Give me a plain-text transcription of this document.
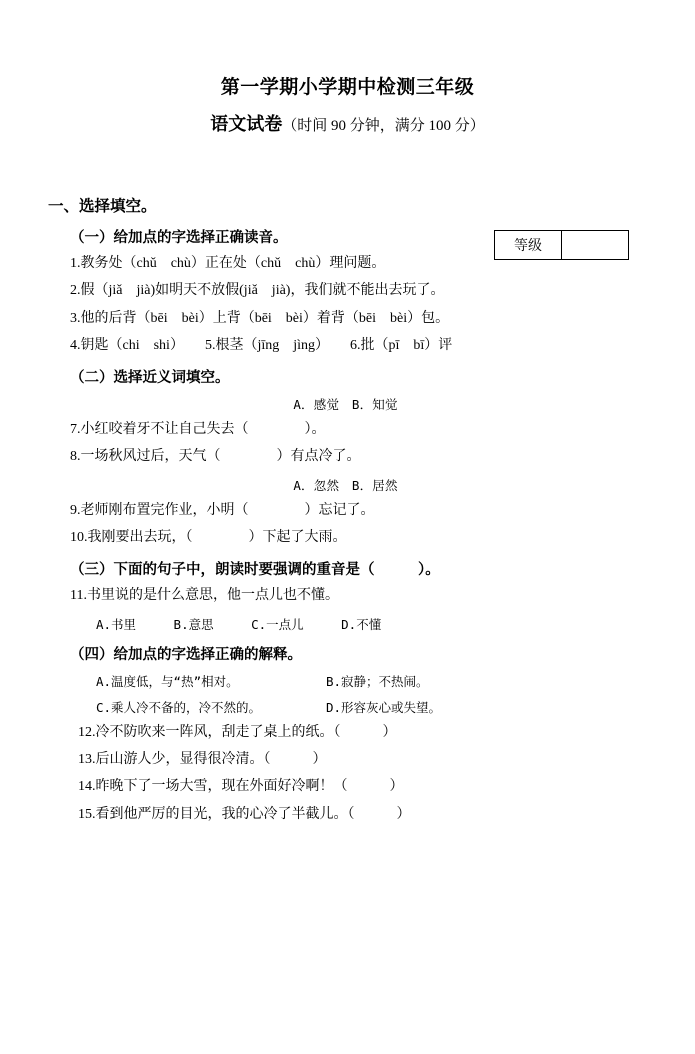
第一学期小学期中检测三年级
语文试卷（时间 90 分钟，满分 100 分）
等级
一、选择填空。
（一）给加点的字选择正确读音。
1.教务处（chǔ　chù）正在处（chǔ　chù）理问题。
2.假（jiǎ　jià)如明天不放假(jiǎ　jià)，我们就不能出去玩了。
3.他的后背（bēi　bèi）上背（bēi　bèi）着背（bēi　bèi）包。
4.钥匙（chi　shi）　　5.根茎（jīng　jìng）　　6.批（pī　bī）评
（二）选择近义词填空。
A．感觉　B．知觉
7.小红咬着牙不让自己失去（　　　　）。
8.一场秋风过后，天气（　　　　）有点冷了。
A．忽然　B．居然
9.老师刚布置完作业，小明（　　　　）忘记了。
10.我刚要出去玩，（　　　　）下起了大雨。
（三）下面的句子中，朗读时要强调的重音是（　　　）。
11.书里说的是什么意思，他一点儿也不懂。
A.书里　　　B.意思　　　C.一点儿　　　D.不懂
（四）给加点的字选择正确的解释。
A.温度低，与“热”相对。	B.寂静；不热闹。
C.乘人冷不备的，冷不然的。	D.形容灰心或失望。
12.冷不防吹来一阵风，刮走了桌上的纸。（　　　）
13.后山游人少，显得很冷清。（　　　）
14.昨晚下了一场大雪，现在外面好冷啊！（　　　）
15.看到他严厉的目光，我的心冷了半截儿。（　　　）
